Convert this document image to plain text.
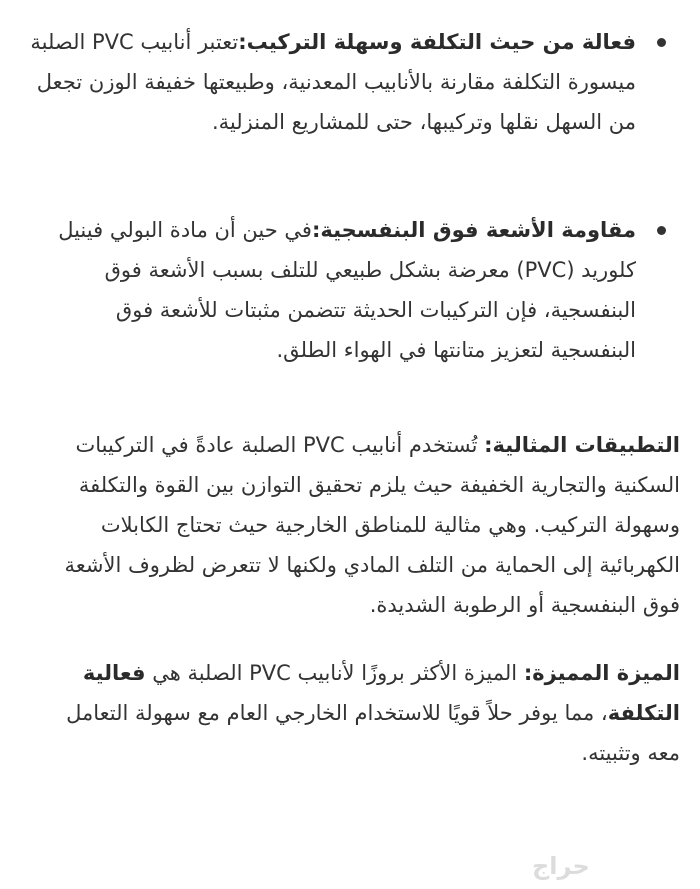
فعالة من حيث التكلفة وسهلة التركيب:تعتبر أنابيب PVC الصلبة ميسورة التكلفة مقارنة بالأنابيب المعدنية، وطبيعتها خفيفة الوزن تجعل من السهل نقلها وتركيبها، حتى للمشاريع المنزلية.
مقاومة الأشعة فوق البنفسجية:في حين أن مادة البولي فينيل كلوريد (PVC) معرضة بشكل طبيعي للتلف بسبب الأشعة فوق البنفسجية، فإن التركيبات الحديثة تتضمن مثبتات للأشعة فوق البنفسجية لتعزيز متانتها في الهواء الطلق.

التطبيقات المثالية: تُستخدم أنابيب PVC الصلبة عادةً في التركيبات السكنية والتجارية الخفيفة حيث يلزم تحقيق التوازن بين القوة والتكلفة وسهولة التركيب. وهي مثالية للمناطق الخارجية حيث تحتاج الكابلات الكهربائية إلى الحماية من التلف المادي ولكنها لا تتعرض لظروف الأشعة فوق البنفسجية أو الرطوبة الشديدة.

الميزة المميزة: الميزة الأكثر بروزًا لأنابيب PVC الصلبة هي فعالية التكلفة، مما يوفر حلاً قويًا للاستخدام الخارجي العام مع سهولة التعامل معه وتثبيته.

حراج
